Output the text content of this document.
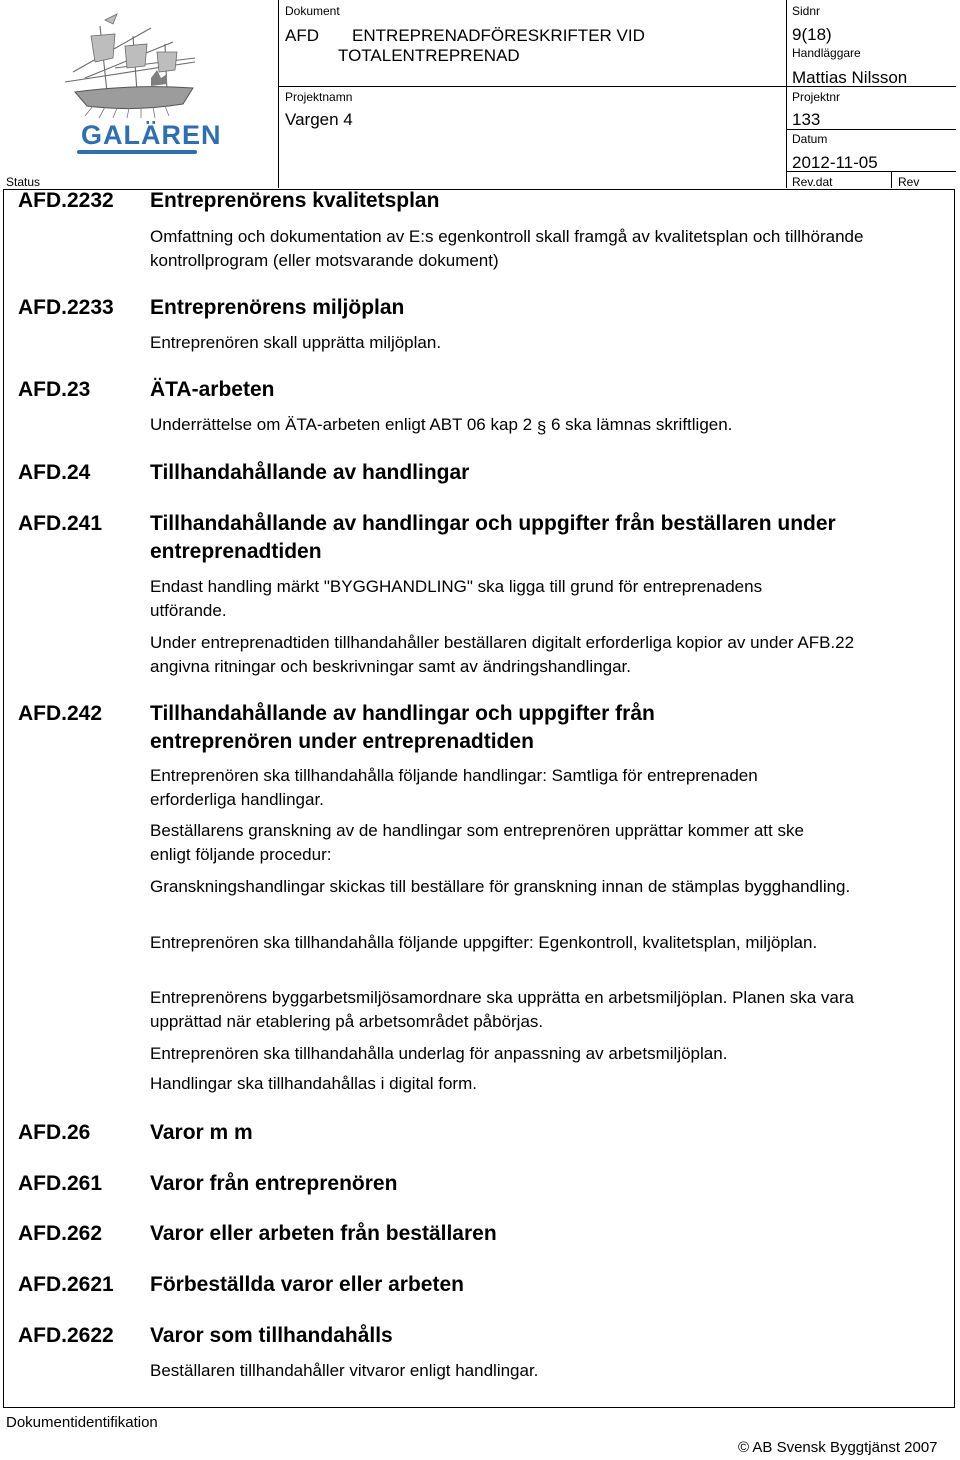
GALÄREN
Status
Dokument
AFD       ENTREPRENADFÖRESKRIFTER VID
TOTALENTREPRENAD
Projektnamn
Vargen 4
Sidnr
9(18)
Handläggare
Mattias Nilsson
Projektnr
133
Datum
2012-11-05
Rev.dat	Rev
AFD.2232 Entreprenörens kvalitetsplan

Omfattning och dokumentation av E:s egenkontroll skall framgå av kvalitetsplan och tillhörande kontrollprogram (eller motsvarande dokument)

AFD.2233 Entreprenörens miljöplan

Entreprenören skall upprätta miljöplan.

AFD.23	ÄTA-arbeten

Underrättelse om ÄTA-arbeten enligt ABT 06 kap 2 § 6 ska lämnas skriftligen.

AFD.24	Tillhandahållande av handlingar
AFD.241 Tillhandahållande av handlingar och uppgifter från beställaren under entreprenadtiden

Endast handling märkt "BYGGHANDLING" ska ligga till grund för entreprenadens utförande.

Under entreprenadtiden tillhandahåller beställaren digitalt erforderliga kopior av under AFB.22 angivna ritningar och beskrivningar samt av ändringshandlingar.

AFD.242 Tillhandahållande av handlingar och uppgifter från entreprenören under entreprenadtiden

Entreprenören ska tillhandahålla följande handlingar: Samtliga för entreprenaden erforderliga handlingar.

Beställarens granskning av de handlingar som entreprenören upprättar kommer att ske enligt följande procedur:

Granskningshandlingar skickas till beställare för granskning innan de stämplas bygghandling.

Entreprenören ska tillhandahålla följande uppgifter: Egenkontroll, kvalitetsplan, miljöplan.

Entreprenörens byggarbetsmiljösamordnare ska upprätta en arbetsmiljöplan. Planen ska vara upprättad när etablering på arbetsområdet påbörjas.

Entreprenören ska tillhandahålla underlag för anpassning av arbetsmiljöplan.

Handlingar ska tillhandahållas i digital form.

AFD.26	Varor m m
AFD.261 Varor från entreprenören
AFD.262 Varor eller arbeten från beställaren
AFD.2621 Förbeställda varor eller arbeten
AFD.2622 Varor som tillhandahålls

Beställaren tillhandahåller vitvaror enligt handlingar.

Dokumentidentifikation
© AB Svensk Byggtjänst 2007
